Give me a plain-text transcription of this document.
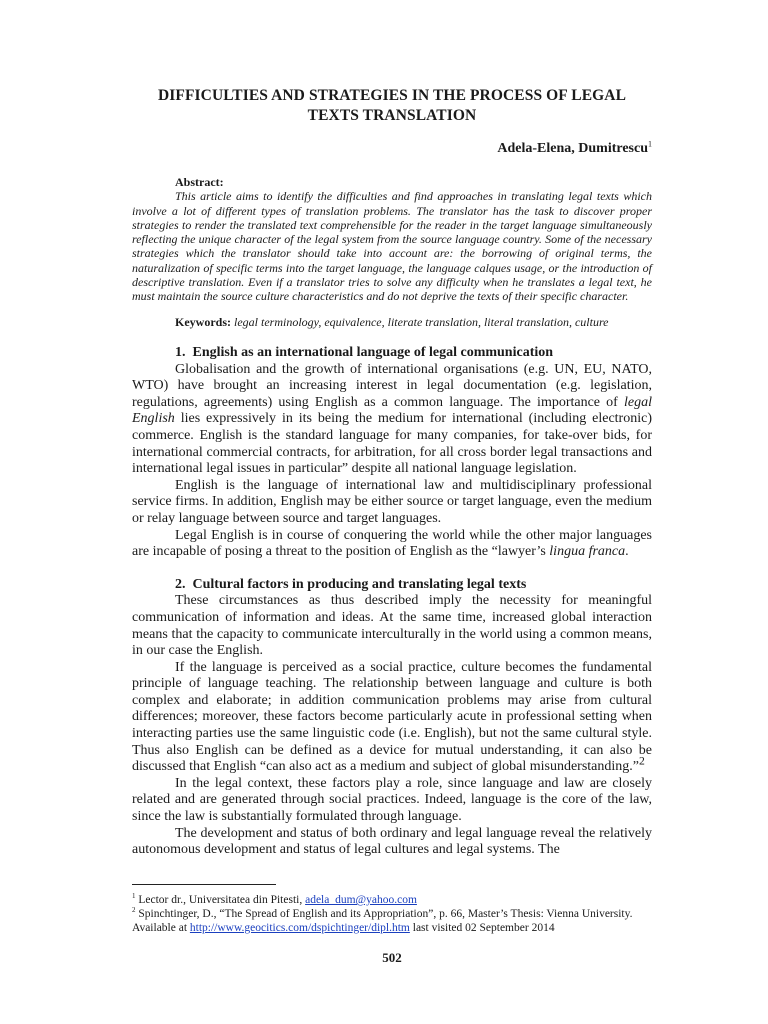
DIFFICULTIES AND STRATEGIES IN THE PROCESS OF LEGAL TEXTS TRANSLATION
Adela-Elena, Dumitrescu$^1$
Abstract:

This article aims to identify the difficulties and find approaches in translating legal texts which involve a lot of different types of translation problems. The translator has the task to discover proper strategies to render the translated text comprehensible for the reader in the target language simultaneously reflecting the unique character of the legal system from the source language country. Some of the necessary strategies which the translator should take into account are: the borrowing of original terms, the naturalization of specific terms into the target language, the language calques usage, or the introduction of descriptive translation. Even if a translator tries to solve any difficulty when he translates a legal text, he must maintain the source culture characteristics and do not deprive the texts of their specific character.

Keywords: legal terminology, equivalence, literate translation, literal translation, culture
1.  English as an international language of legal communication

Globalisation and the growth of international organisations (e.g. UN, EU, NATO, WTO) have brought an increasing interest in legal documentation (e.g. legislation, regulations, agreements) using English as a common language. The importance of legal English lies expressively in its being the medium for international (including electronic) commerce. English is the standard language for many companies, for take-over bids, for international commercial contracts, for arbitration, for all cross border legal transactions and international legal issues in particular” despite all national language legislation.

English is the language of international law and multidisciplinary professional service firms. In addition, English may be either source or target language, even the medium or relay language between source and target languages.

Legal English is in course of conquering the world while the other major languages are incapable of posing a threat to the position of English as the “lawyer’s lingua franca.

2.  Cultural factors in producing and translating legal texts

These circumstances as thus described imply the necessity for meaningful communication of information and ideas. At the same time, increased global interaction means that the capacity to communicate interculturally in the world using a common means, in our case the English.

If the language is perceived as a social practice, culture becomes the fundamental principle of language teaching. The relationship between language and culture is both complex and elaborate; in addition communication problems may arise from cultural differences; moreover, these factors become particularly acute in professional setting when interacting parties use the same linguistic code (i.e. English), but not the same cultural style. Thus also English can be defined as a device for mutual understanding, it can also be discussed that English “can also act as a medium and subject of global misunderstanding.”$^2$

In the legal context, these factors play a role, since language and law are closely related and are generated through social practices. Indeed, language is the core of the law, since the law is substantially formulated through language.

The development and status of both ordinary and legal language reveal the relatively autonomous development and status of legal cultures and legal systems. The

$^1$ Lector dr., Universitatea din Pitesti, adela_dum@yahoo.com
$^2$ Spinchtinger, D., “The Spread of English and its Appropriation”, p. 66, Master’s Thesis: Vienna University. Available at http://www.geocitics.com/dspichtinger/dipl.htm last visited 02 September 2014
502
